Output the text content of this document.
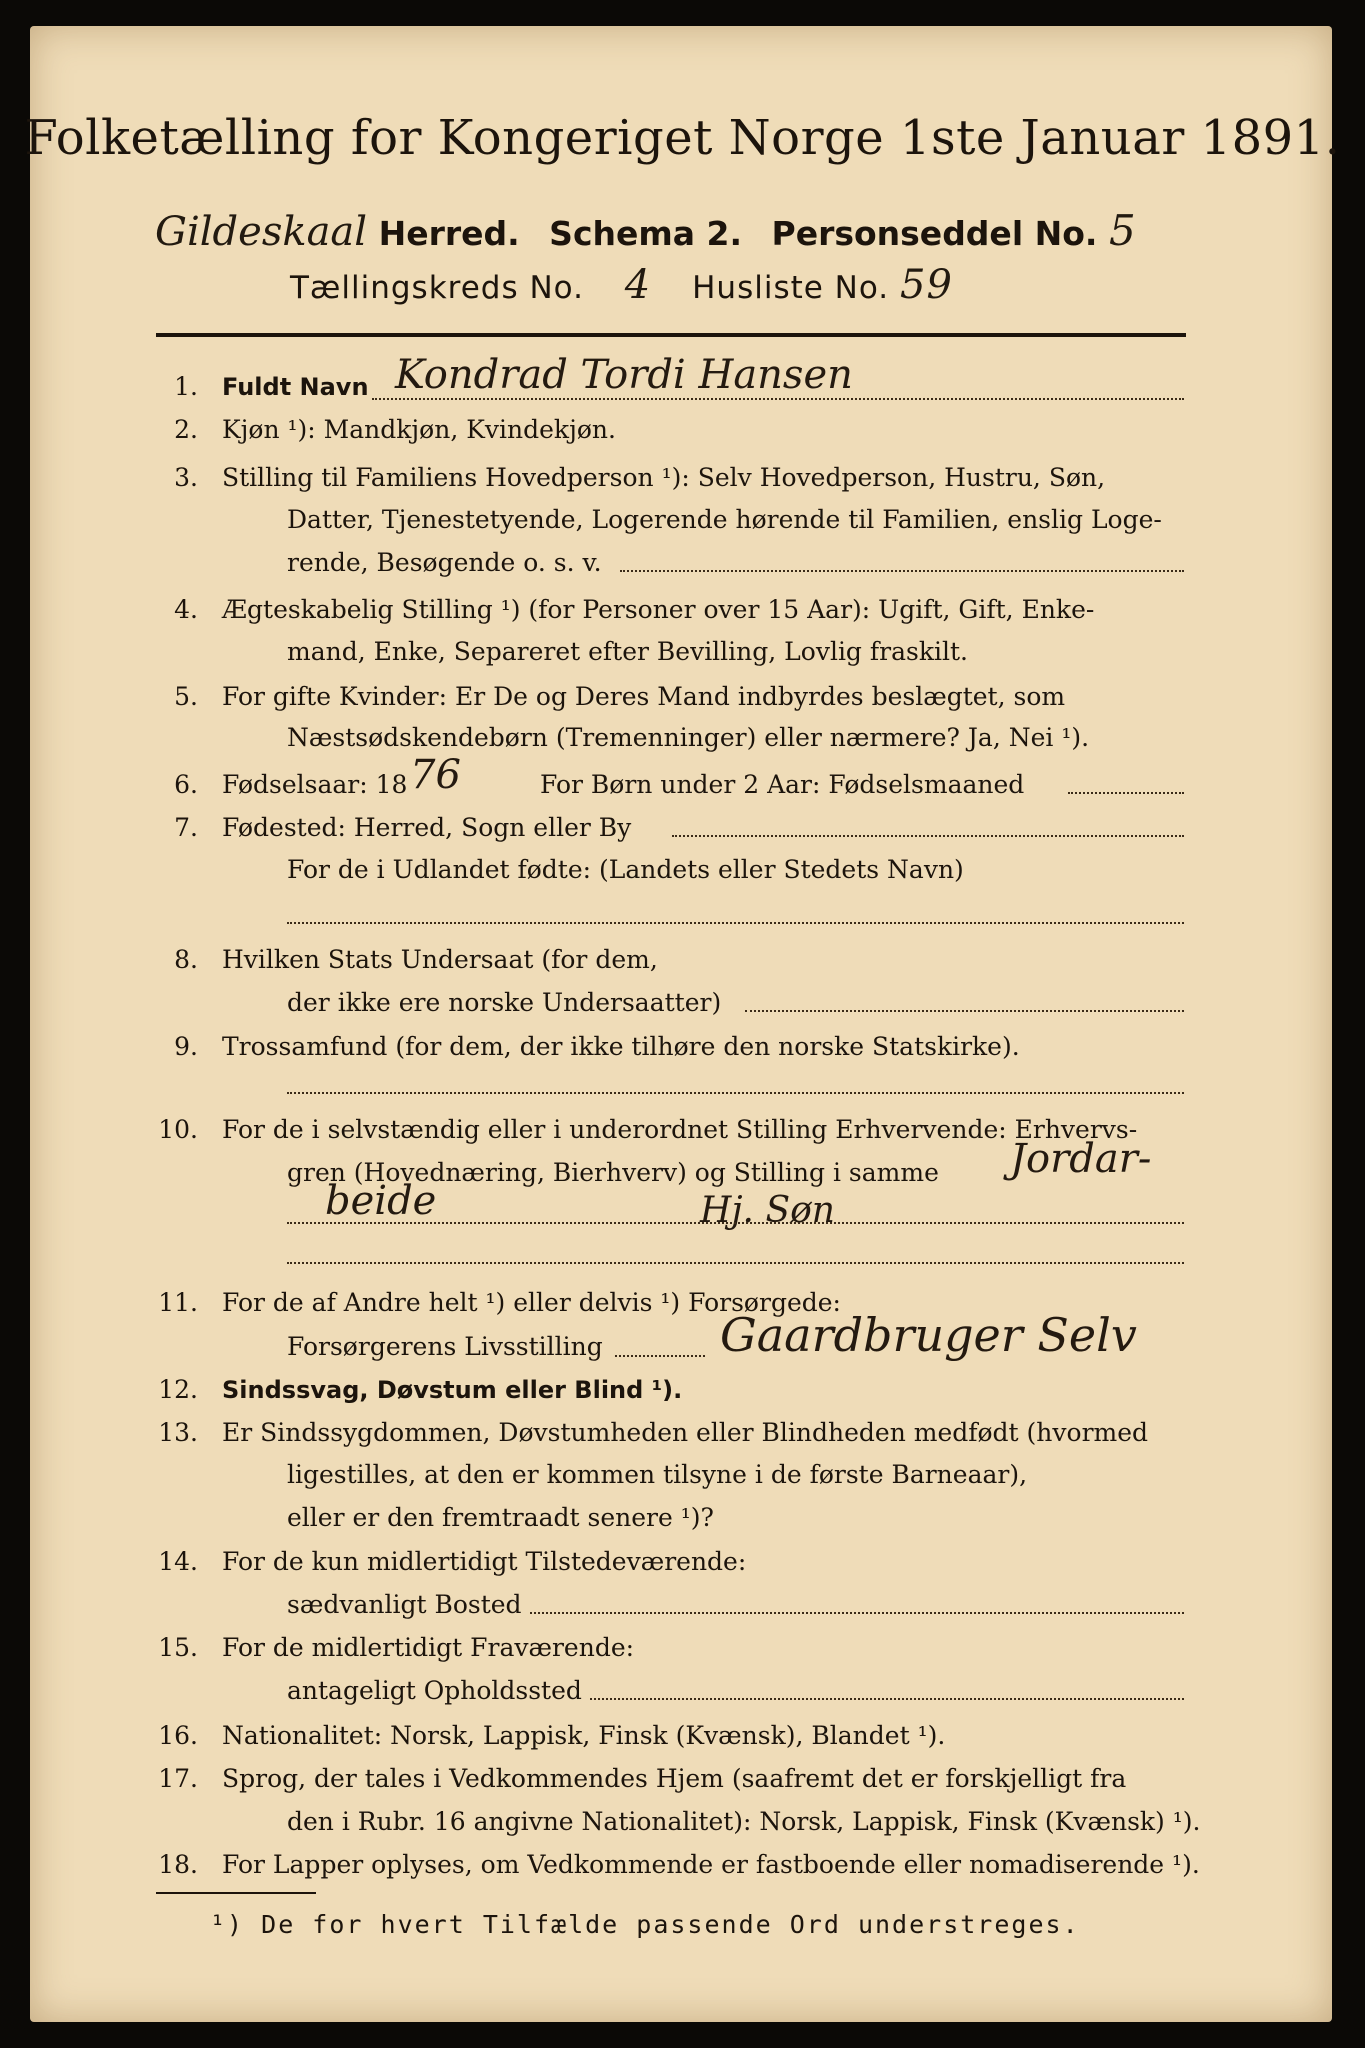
Folketælling for Kongeriget Norge 1ste Januar 1891.
Gildeskaal Herred. Schema 2. Personseddel No. 5
Tællingskreds No. 4 Husliste No. 59
1. Fuldt Navn Kondrad Tordi Hansen
2. Kjøn ¹): Mandkjøn, Kvindekjøn.
3. Stilling til Familiens Hovedperson ¹): Selv Hovedperson, Hustru, Søn,
Datter, Tjenestetyende, Logerende hørende til Familien, enslig Loge-
rende, Besøgende o. s. v.
4. Ægteskabelig Stilling ¹) (for Personer over 15 Aar): Ugift, Gift, Enke-
mand, Enke, Separeret efter Bevilling, Lovlig fraskilt.
5. For gifte Kvinder: Er De og Deres Mand indbyrdes beslægtet, som
Næstsødskendebørn (Tremenninger) eller nærmere? Ja, Nei ¹).
6. Fødselsaar: 18 76	For Børn under 2 Aar: Fødselsmaaned
7. Fødested: Herred, Sogn eller By
For de i Udlandet fødte: (Landets eller Stedets Navn)
8. Hvilken Stats Undersaat (for dem,
der ikke ere norske Undersaatter)
9. Trossamfund (for dem, der ikke tilhøre den norske Statskirke).
10. For de i selvstændig eller i underordnet Stilling Erhvervende: Erhvervs-
gren (Hovednæring, Bierhverv) og Stilling i samme Jordar-
beide	Hj. Søn
11. For de af Andre helt ¹) eller delvis ¹) Forsørgede:
Forsørgerens Livsstilling	Gaardbruger Selv
12. Sindssvag, Døvstum eller Blind ¹).
13. Er Sindssygdommen, Døvstumheden eller Blindheden medfødt (hvormed
ligestilles, at den er kommen tilsyne i de første Barneaar),
eller er den fremtraadt senere ¹)?
14. For de kun midlertidigt Tilstedeværende:
sædvanligt Bosted
15. For de midlertidigt Fraværende:
antageligt Opholdssted
16. Nationalitet: Norsk, Lappisk, Finsk (Kvænsk), Blandet ¹).
17. Sprog, der tales i Vedkommendes Hjem (saafremt det er forskjelligt fra
den i Rubr. 16 angivne Nationalitet): Norsk, Lappisk, Finsk (Kvænsk) ¹).
18. For Lapper oplyses, om Vedkommende er fastboende eller nomadiserende ¹).
¹) De for hvert Tilfælde passende Ord understreges.
